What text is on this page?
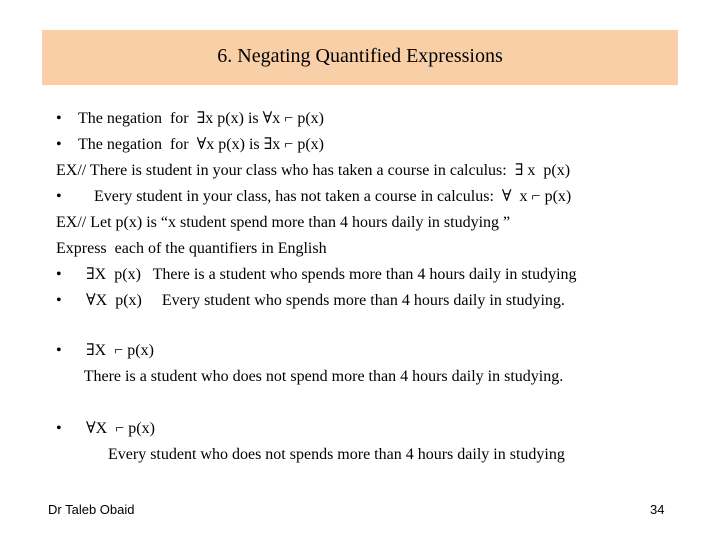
6. Negating Quantified Expressions

• The negation  for  ∃x p(x) is ∀x ⌐ p(x)

• The negation  for  ∀x p(x) is ∃x ⌐ p(x)

EX// There is student in your class who has taken a course in calculus:  ∃ x  p(x)

•    Every student in your class, has not taken a course in calculus:  ∀  x ⌐ p(x)

EX// Let p(x) is “x student spend more than 4 hours daily in studying ”

Express  each of the quantifiers in English

•  ∃X  p(x)   There is a student who spends more than 4 hours daily in studying

•  ∀X  p(x)     Every student who spends more than 4 hours daily in studying.

•  ∃X  ⌐ p(x)

There is a student who does not spend more than 4 hours daily in studying.

•  ∀X  ⌐ p(x)

Every student who does not spends more than 4 hours daily in studying

Dr Taleb Obaid	34
